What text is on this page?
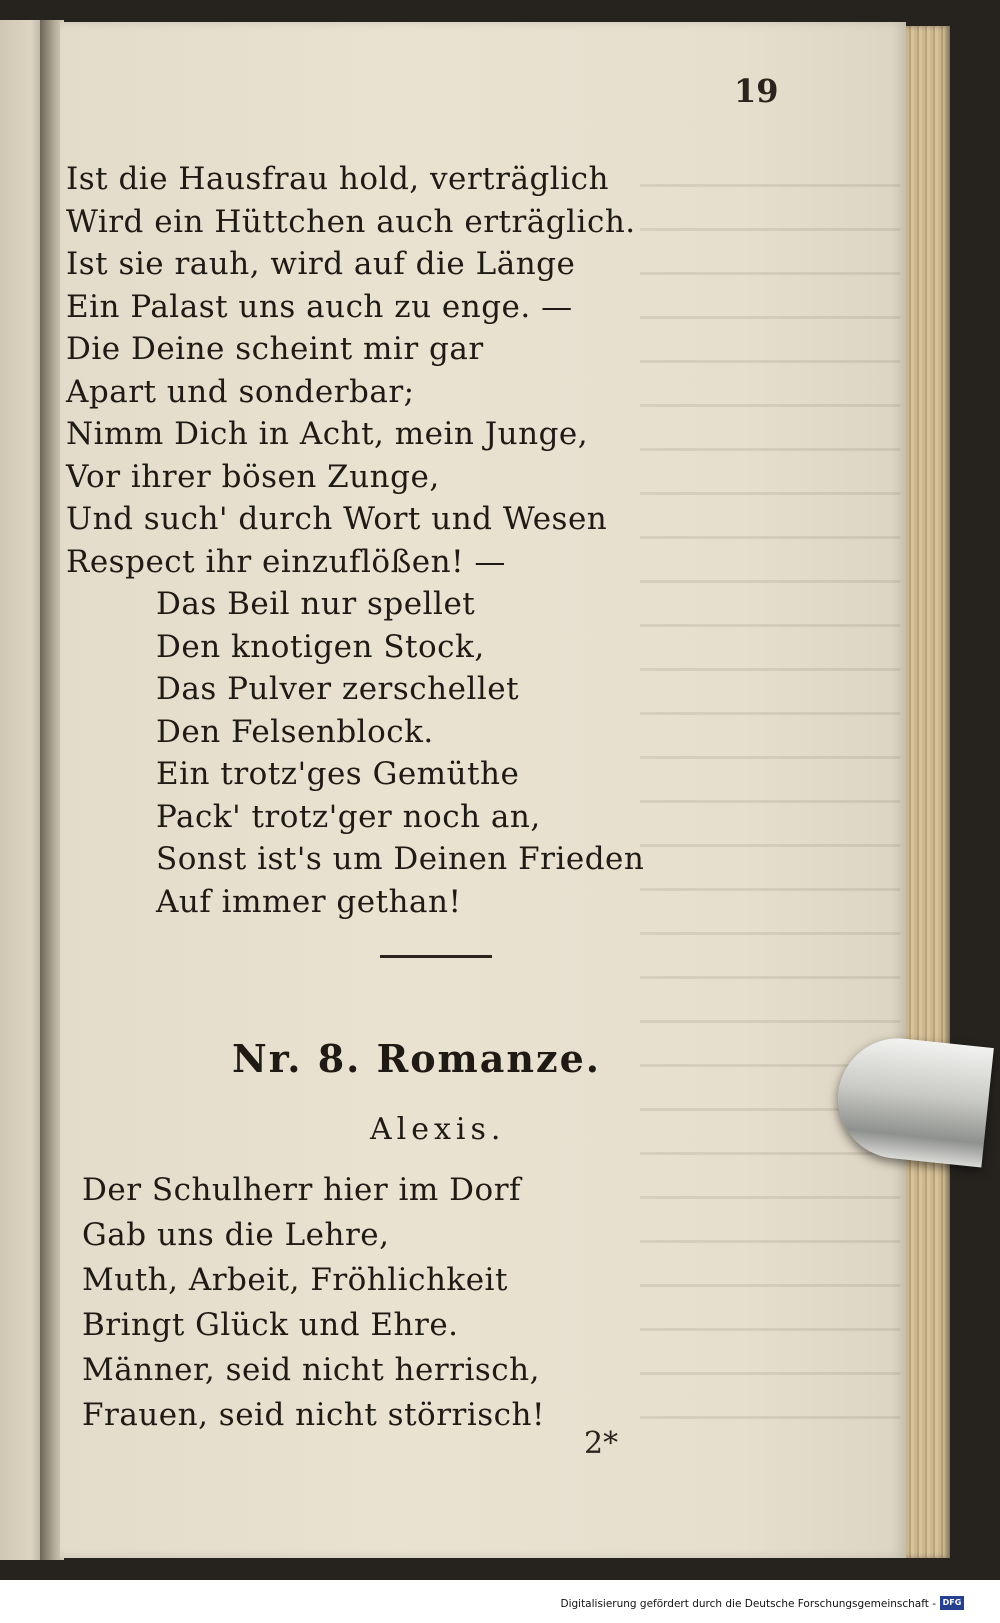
19
Ist die Hausfrau hold, verträglich
Wird ein Hüttchen auch erträglich.
Ist sie rauh, wird auf die Länge
Ein Palast uns auch zu enge. —
Die Deine scheint mir gar
Apart und sonderbar;
Nimm Dich in Acht, mein Junge,
Vor ihrer bösen Zunge,
Und such' durch Wort und Wesen
Respect ihr einzuflößen! —
Das Beil nur spellet
Den knotigen Stock,
Das Pulver zerschellet
Den Felsenblock.
Ein trotz'ges Gemüthe
Pack' trotz'ger noch an,
Sonst ist's um Deinen Frieden
Auf immer gethan!
Nr. 8. Romanze.
Alexis.
Der Schulherr hier im Dorf
Gab uns die Lehre,
Muth, Arbeit, Fröhlichkeit
Bringt Glück und Ehre.
Männer, seid nicht herrisch,
Frauen, seid nicht störrisch!
2*
Digitalisierung gefördert durch die Deutsche Forschungsgemeinschaft - DFG
